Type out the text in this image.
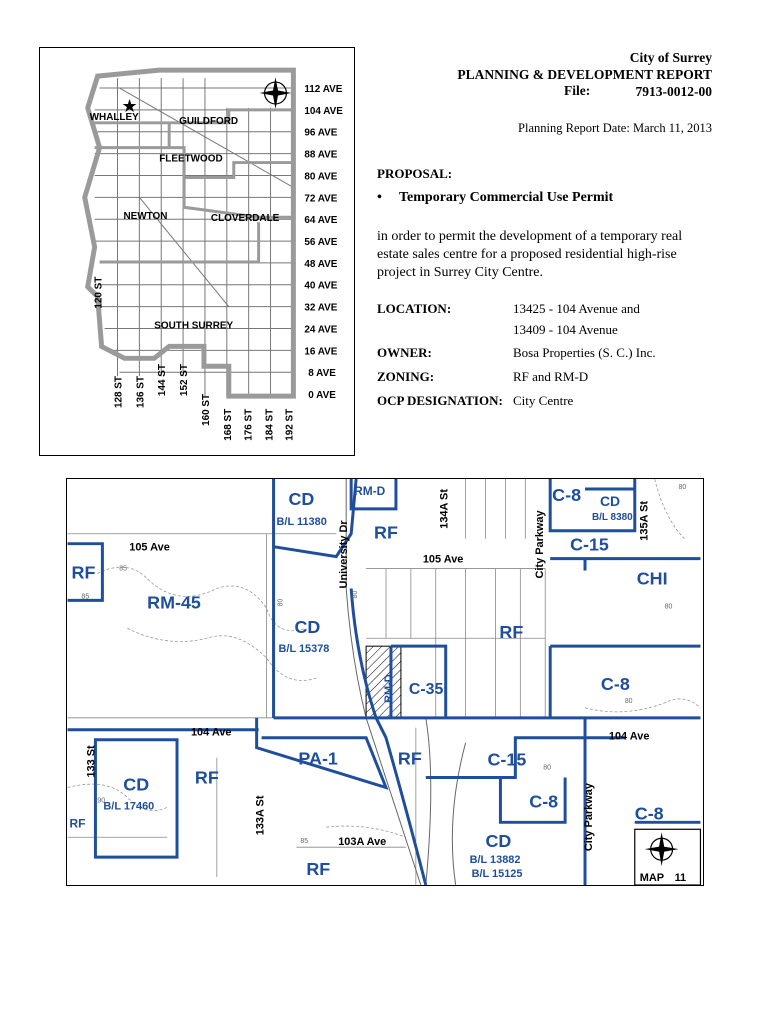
★
WHALLEY	GUILDFORD
FLEETWOOD
NEWTON	CLOVERDALE
SOUTH SURREY
112 AVE
104 AVE
96 AVE
88 AVE
80 AVE
72 AVE
64 AVE
56 AVE
48 AVE
40 AVE
32 AVE
24 AVE
16 AVE
8 AVE
0 AVE
120 ST
128 ST 136 ST 144 ST 152 ST
160 ST 168 ST 176 ST 184 ST 192 ST
City of Surrey
PLANNING & DEVELOPMENT REPORT
File:	7913-0012-00
Planning Report Date: March 11, 2013
PROPOSAL:
• Temporary Commercial Use Permit
in order to permit the development of a temporary real estate sales centre for a proposed residential high-rise project in Surrey City Centre.
LOCATION:	13425 - 104 Avenue and
13409 - 104 Avenue
OWNER:	Bosa Properties (S. C.) Inc.
ZONING:	RF and RM-D
OCP DESIGNATION: City Centre
MAP 11
CD
B/L 11380
RM-D
RF
C-8 CD
B/L 8380
C-15
CHI
RF
RM-45
CD
B/L 15378
RF
RM-D C-35	C-8
PA-1	RF	C-15
CD
B/L 17460
RF
RF
C-8
C-8
CD
B/L 13882
B/L 15125
RF
105 Ave
105 Ave
104 Ave	104 Ave
103A Ave
134A St	135A St
University Dr	City Parkway
City Parkway
133 St
133A St
85
80
80
80
80
80
85
80
90
85
